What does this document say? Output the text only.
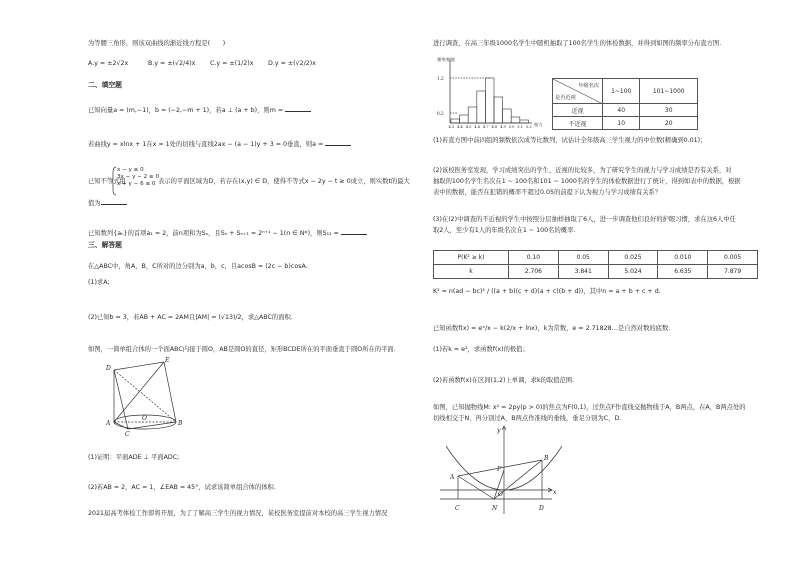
为等腰三角形，则该双曲线的渐近线方程是(　　)
A.y = ±2√2x	B.y = ±(√2/4)x C.y = ±(1/2)x D.y = ±(√2/2)x
二、填空题
已知向量a = (m,−1)，b = (−2,−m + 1)，若a ⊥ (a + b)，则m =
若曲线y = xlnx + 1在x = 1处的切线与直线2ax − (a − 1)y + 3 = 0垂直，则a =
已知不等式组
x − y ≤ 0
3x − y − 2 ≥ 0
x + y − 6 ≤ 0 表示的平面区域为D，若存在(x,y) ∈ D，使得不等式x − 2y − t ≥ 0成立，则实数t的最大
值为
已知数列{aₙ}的首项a₁ = 2，前n项和为Sₙ，且Sₙ + Sₙ₊₁ = 2ⁿ⁺¹ − 1(n ∈ N*)，则S₁₁ =
三、解答题
在△ABC中，角A，B，C所对的边分别为a，b，c，且acosB = (2c − b)cosA.
(1)求A;
(2)已知b = 3，若AB + AC = 2AM且|AM| = (√13)/2，求△ABC的面积.
如图，一简单组合体的一个面ABC内接于圆O，AB是圆O的直径，矩形BCDE所在的平面垂直于圆O所在的平面.
D
E
A	B
C
O
(1)证明：平面ADE ⊥ 平面ADC;
(2)若AB = 2，AC = 1，∠EAB = 45°，试求该简单组合体的体积.
2021届高考体检工作即将开展，为了了解高三学生的视力情况，某校医务室提前对本校的高三学生视力情况
进行调查，在高三年级1000名学生中随机抽取了100名学生的体检数据，并得到如图的频率分布直方图.
频率/组距
1.2
0.2
视力
4.3 4.4 4.5 4.6 4.7 4.8 4.9 5.0 5.1 5.2
年级名次
是否近视	1~100	101~1000
近视	40	30
不近视	10	20
(1)若直方图中前四组的频数依次成等比数列，试估计全年级高三学生视力的中位数(精确到0.01)；
(2)该校医务室发现，学习成绩突出的学生，近视的比较多，为了研究学生的视力与学习成绩是否有关系，对
抽取的100名学生名次在1 ~ 100名和101 ~ 1000名的学生的体检数据进行了统计，得到如表中的数据，根据
表中的数据，能否在犯错的概率不超过0.05的前提下认为视力与学习成绩有关系？
(3)在(2)中调查的不近视的学生中按照分层抽样抽取了6人，进一步调查他们良好的护眼习惯，求在这6人中任
取2人，至少有1人的年级名次在1 ~ 100名的概率.
P(K² ≥ k)	0.10	0.05	0.025	0.010	0.005
k	2.706	3.841	5.024	6.635	7.879
K² = n(ad − bc)² / ((a + b)(c + d)(a + c)(b + d))，其中n = a + b + c + d.
已知函数f(x) = eˣ/x − k(2/x + lnx)，k为常数，e = 2.71828…是自然对数的底数.
(1)若k = e²，求函数f(x)的极值；
(2)若函数f(x)在区间(1,2)上单调，求k的取值范围.
如图，已知抛物线M: x² = 2py(p > 0)的焦点为F(0,1)，过焦点F作直线交抛物线于A，B两点，在A，B两点处的
切线相交于N，再分别过A，B两点作准线的垂线，垂足分别为C，D.
y
x
A
B
F
O
C	N	D
